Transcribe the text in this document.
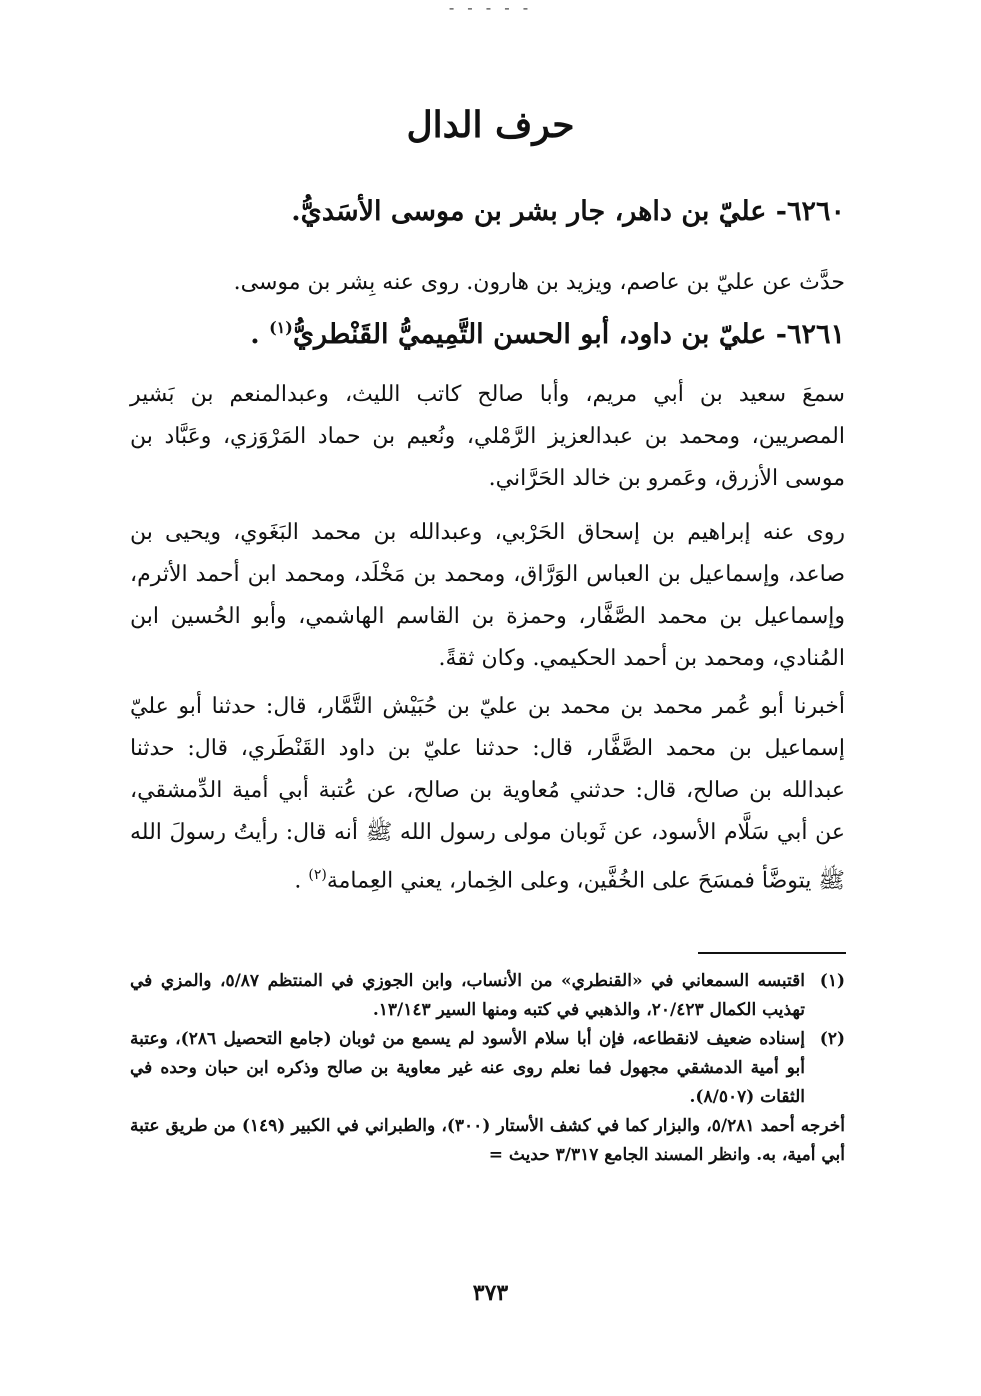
- - - - -
حرف الدال

٦٢٦٠- عليّ بن داهر، جار بشر بن موسى الأسَديُّ.

حدَّث عن عليّ بن عاصم، ويزيد بن هارون. روى عنه بِشر بن موسى.

٦٢٦١- عليّ بن داود، أبو الحسن التَّمِيميُّ القَنْطريُّ$^{(١)}$ .

سمعَ سعيد بن أبي مريم، وأبا صالح كاتب الليث، وعبدالمنعم بن بَشير المصريين، ومحمد بن عبدالعزيز الرَّمْلي، ونُعيم بن حماد المَرْوَزي، وعَبَّاد بن موسى الأزرق، وعَمرو بن خالد الحَرَّاني.

روى عنه إبراهيم بن إسحاق الحَرْبي، وعبدالله بن محمد البَغَوي، ويحيى بن صاعد، وإسماعيل بن العباس الوَرَّاق، ومحمد بن مَخْلَد، ومحمد ابن أحمد الأثرم، وإسماعيل بن محمد الصَّفَّار، وحمزة بن القاسم الهاشمي، وأبو الحُسين ابن المُنادي، ومحمد بن أحمد الحكيمي. وكان ثقةً.

أخبرنا أبو عُمر محمد بن محمد بن عليّ بن حُبَيْش التَّمَّار، قال: حدثنا أبو عليّ إسماعيل بن محمد الصَّفَّار، قال: حدثنا عليّ بن داود القَنْطَري، قال: حدثنا عبدالله بن صالح، قال: حدثني مُعاوية بن صالح، عن عُتبة أبي أمية الدِّمشقي، عن أبي سَلَّام الأسود، عن ثَوبان مولى رسول الله ﷺ أنه قال: رأيتُ رسولَ الله ﷺ يتوضَّأ فمسَحَ على الخُفَّين، وعلى الخِمار، يعني العِمامة$^{(٢)}$ .

(١)
اقتبسه السمعاني في «القنطري» من الأنساب، وابن الجوزي في المنتظم ٥/٨٧، والمزي في تهذيب الكمال ٢٠/٤٢٣، والذهبي في كتبه ومنها السير ١٣/١٤٣.
(٢)
إسناده ضعيف لانقطاعه، فإن أبا سلام الأسود لم يسمع من ثوبان (جامع التحصيل ٢٨٦)، وعتبة أبو أمية الدمشقي مجهول فما نعلم روى عنه غير معاوية بن صالح وذكره ابن حبان وحده في الثقات (٨/٥٠٧).

أخرجه أحمد ٥/٢٨١، والبزار كما في كشف الأستار (٣٠٠)، والطبراني في الكبير (١٤٩) من طريق عتبة أبي أمية، به. وانظر المسند الجامع ٣/٣١٧ حديث =

٣٧٣
